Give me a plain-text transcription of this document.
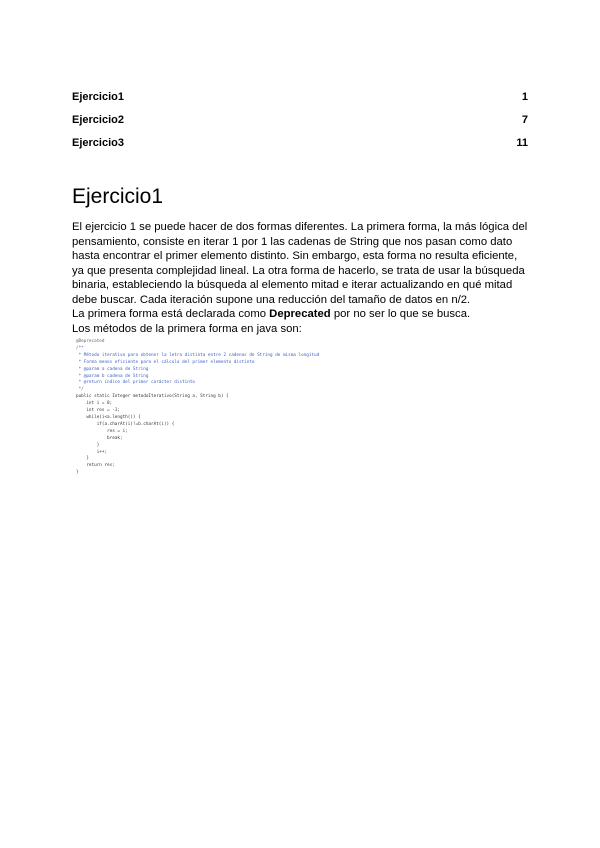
Ejercicio1	1
Ejercicio2	7
Ejercicio3	11
Ejercicio1

El ejercicio 1 se puede hacer de dos formas diferentes. La primera forma, la más lógica del pensamiento, consiste en iterar 1 por 1 las cadenas de String que nos pasan como dato hasta encontrar el primer elemento distinto. Sin embargo, esta forma no resulta eficiente, ya que presenta complejidad lineal. La otra forma de hacerlo, se trata de usar la búsqueda binaria, estableciendo la búsqueda al elemento mitad e iterar actualizando en qué mitad debe buscar. Cada iteración supone una reducción del tamaño de datos en n/2.

La primera forma está declarada como Deprecated por no ser lo que se busca.

Los métodos de la primera forma en java son:

@Deprecated
/**
* Método iterativo para obtener la letra distinta entre 2 cadenas de String de misma longitud
* Forma menos eficiente para el cálculo del primer elemento distinto
* @param a cadena de String
* @param b cadena de String
* @return índice del primer carácter distinto
*/
public static Integer metodoIterativo(String a, String b) {
int i = 0;
int res = -1;
while(i<a.length()) {
if(a.charAt(i)!=b.charAt(i)) {
res = i;
break;
}
i++;
}
return res;
}
